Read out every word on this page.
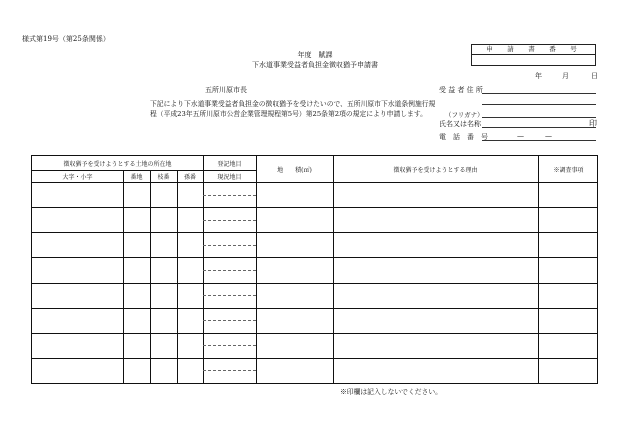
様式第19号（第25条関係）
年度　賦課
下水道事業受益者負担金徴収猶予申請書
申　請　書　番　号
年	月	日
五所川原市長	受 益 者 住 所
（フリガナ）
氏名又は名称	印
電　話　番　号	—	—
下記により下水道事業受益者負担金の徴収猶予を受けたいので、五所川原市下水道条例施行規程（平成23年五所川原市公営企業管理規程第5号）第25条第2項の規定により申請します。
徴収猶予を受けようとする土地の所在地	登記地目
現況地目
大字・小字	番地	枝番	孫番
地　　積(㎡)	徴収猶予を受けようとする理由	※調査事項
※印欄は記入しないでください。
